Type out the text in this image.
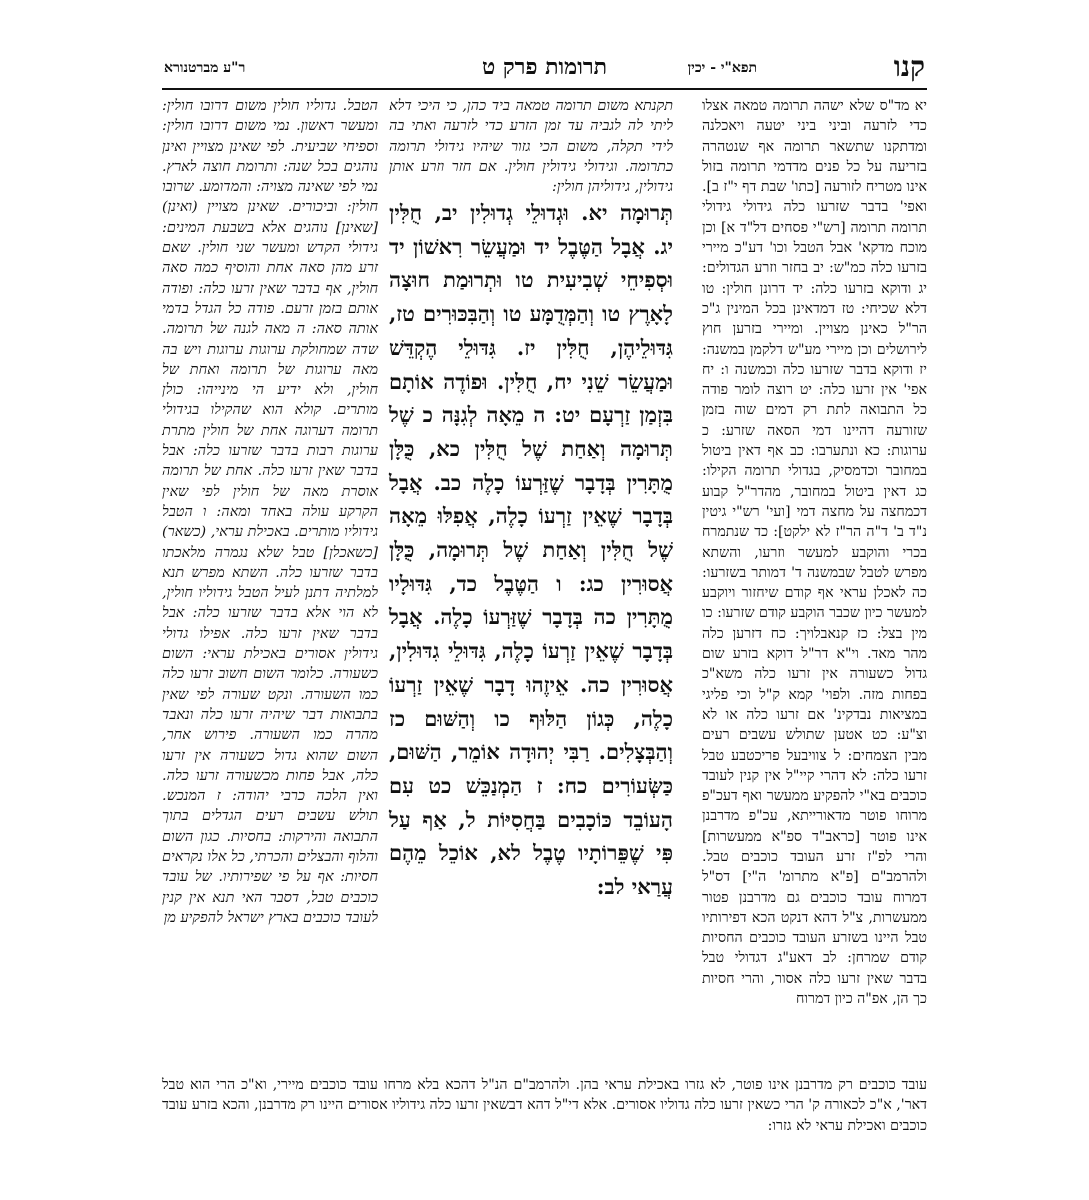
קנו
תפא"י - יכין
תרומות פרק ט
ר"ע מברטנורא

יא מד"ס שלא ישהה תרומה טמאה אצלו כדי לזרעה וביני ביני יטעה ויאכלנה ומדתקנו שתשאר תרומה אף שנטהרה בזריעה על כל פנים מדדמי תרומה בזול אינו מטריח לזורעה [כתו' שבת דף י"ז ב]. ואפי' בדבר שזרעו כלה גידולי גידולי תרומה תרומה [רש"י פסחים דל"ד א] וכן מוכח מדקא' אבל הטבל וכו' דע"כ מיירי בזרעו כלה כמ"ש: יב בחזר וזרע הגדולים: יג ודוקא בזרעו כלה: יד דרונן חולין: טו דלא שכיחי: טז דמדאינן בכל המינין ג"כ הר"ל כאינן מצויין. ומיירי בזרען חוץ לירושלים וכן מיירי מע"ש דלקמן במשנה: יז ודוקא בדבר שזרעו כלה וכמשנה ו: יח אפי' אין זרעו כלה: יט רוצה לומר פודה כל התבואה לתת רק דמים שוה בזמן שזורעה דהיינו דמי הסאה שזרע: כ ערוגות: כא ונתערבו: כב אף דאין ביטול במחובר וכדמסיק, בגדולי תרומה הקילו: כג דאין ביטול במחובר, מהדר"ל קבוע דכמחצה על מחצה דמי [ועי' רש"י גיטין נ"ד ב' ד"ה הר"ז לא ילקט]: כד שנתמרח בכרי והוקבע למעשר וזרעו, והשתא מפרש לטבל שבמשנה ד' דמותר בשזרעו: כה לאכלן עראי אף קודם שיחזור ויוקבע למעשר כיון שכבר הוקבע קודם שזרעו: כו מין בצל: כז קנאבלויך: כח דזרען כלה מהר מאד. וי"א דר"ל דוקא בזרע שום גדול כשעורה אין זרעו כלה משא"כ בפחות מזה. ולפוי' קמא ק"ל וכי פליגי במציאות נבדקינ' אם זרעו כלה או לא וצ"ע: כט אטען שתולש עשבים רעים מבין הצמחים: ל צוויבעל פריכטבע טבל זרעו כלה: לא דהרי קיי"ל אין קנין לעובד כוכבים בא"י להפקיע ממעשר ואף דעכ"פ מרוחו פוטר מדאורייתא, עכ"פ מדרבנן אינו פוטר [כראב"ד ספ"א ממעשרות] והרי לפ"ז זרע העובד כוכבים טבל. ולהרמב"ם [פ"א מתרומ' ה"י] דס"ל דמרוח עובד כוכבים גם מדרבנן פטור ממעשרות, צ"ל דהא דנקט הכא דפירותיו טבל היינו בשזרע העובד כוכבים החסיות קודם שמרחן: לב דאע"ג דגדולי טבל בדבר שאין זרעו כלה אסור, והרי חסיות כך הן, אפ"ה כיון דמרוח

תקנתא משום תרומה טמאה ביד כהן, כי היכי דלא ליתי לה לגביה עד זמן הזרע כדי לזרעה ואתי בה לידי תקלה, משום הכי גזור שיהיו גידולי תרומה כתרומה. וגידולי גידולין חולין. אם חזר וזרע אותן גידולין, גידוליהן חולין:

תְּרוּמָה יא. וּגְדוּלֵי גְדוּלִין יב, חֻלִּין יג. אֲבָל הַטֶּבֶל יד וּמַעֲשֵׂר רִאשׁוֹן יד וּסְפִיחֵי שְׁבִיעִית טו וּתְרוּמַת חוּצָה לָאָרֶץ טו וְהַמְּדֻמָּע טו וְהַבִּכּוּרִים טז, גִּדּוּלֵיהֶן, חֻלִּין יז. גִּדּוּלֵי הֶקְדֵּשׁ וּמַעֲשֵׂר שֵׁנִי יח, חֻלִּין. וּפוֹדֶה אוֹתָם בִּזְמַן זַרְעָם יט: ה מֵאָה לְגִנָּה כ שֶׁל תְּרוּמָה וְאַחַת שֶׁל חֻלִּין כא, כֻּלָּן מֻתָּרִין בְּדָבָר שֶׁזַּרְעוֹ כָלֶה כב. אֲבָל בְּדָבָר שֶׁאֵין זַרְעוֹ כָלֶה, אֲפִלּוּ מֵאָה שֶׁל חֻלִּין וְאַחַת שֶׁל תְּרוּמָה, כֻּלָּן אֲסוּרִין כג: ו הַטֶּבֶל כד, גִּדּוּלָיו מֻתָּרִין כה בְּדָבָר שֶׁזַּרְעוֹ כָלֶה. אֲבָל בְּדָבָר שֶׁאֵין זַרְעוֹ כָלֶה, גִּדּוּלֵי גִדּוּלִין, אֲסוּרִין כה. אֵיזֶהוּ דָבָר שֶׁאֵין זַרְעוֹ כָלֶה, כְּגוֹן הַלּוּף כו וְהַשּׁוּם כז וְהַבְּצָלִים. רַבִּי יְהוּדָה אוֹמֵר, הַשּׁוּם, כַּשְּׂעוֹרִים כח: ז הַמְנַכֵּשׁ כט עִם הָעוֹבֵד כּוֹכָבִים בַּחֲסִיּוֹת ל, אַף עַל פִּי שֶׁפֵּרוֹתָיו טֶבֶל לא, אוֹכֵל מֵהֶם עֲרַאי לב:

הטבל. גדוליו חולין משום דרובו חולין: ומעשר ראשון. נמי משום דרובו חולין: וספיחי שביעית. לפי שאינן מצויין ואינן נוהגים בכל שנה: ותרומת חוצה לארץ. נמי לפי שאינה מצויה: והמדומע. שרובו חולין: וביכורים. שאינן מצויין (ואינן) [שאינן] נוהגים אלא בשבעת המינים: גידולי הקדש ומעשר שני חולין. שאם זרע מהן סאה אחת והוסיף כמה סאה חולין, אף בדבר שאין זרעו כלה: ופודה אותם בזמן זרעם. פודה כל הגדל בדמי אותה סאה: ה מאה לגנה של תרומה. שדה שמחולקת ערוגות ערוגות ויש בה מאה ערוגות של תרומה ואחת של חולין, ולא ידיע הי מינייהו: כולן מותרים. קולא הוא שהקילו בגידולי תרומה דערוגה אחת של חולין מתרת ערוגות רבות בדבר שזרעו כלה: אבל בדבר שאין זרעו כלה. אחת של תרומה אוסרת מאה של חולין לפי שאין הקרקע עולה באחד ומאה: ו הטבל גידוליו מותרים. באכילת עראי, (כשאר) [כשאכלן] טבל שלא נגמרה מלאכתו בדבר שזרעו כלה. השתא מפרש תנא למלתיה דתנן לעיל הטבל גידוליו חולין, לא הוי אלא בדבר שזרעו כלה: אבל בדבר שאין זרעו כלה. אפילו גדולי גידולין אסורים באכילת עראי: השום כשעורה. כלומר השום חשוב זרעו כלה כמו השעורה. ונקט שעורה לפי שאין בתבואות דבר שיהיה זרעו כלה ונאבד מהרה כמו השעורה. פירוש אחר, השום שהוא גדול כשעורה אין זרעו כלה, אבל פחות מכשעורה זרעו כלה. ואין הלכה כרבי יהודה: ז המנכש. תולש עשבים רעים הגדלים בתוך התבואה והירקות: בחסיות. כגון השום והלוף והבצלים והכרתי, כל אלו נקראים חסיות: אף על פי שפירותיו. של עובד כוכבים טבל, דסבר האי תנא אין קנין לעובד כוכבים בארץ ישראל להפקיע מן

עובד כוכבים רק מדרבנן אינו פוטר, לא גזרו באכילת עראי בהן. ולהרמב"ם הנ"ל דהכא בלא מרחו עובד כוכבים מיירי, וא"כ הרי הוא טבל דאר', א"כ לכאורה ק' הרי כשאין זרעו כלה גדוליו אסורים. אלא די"ל דהא דבשאין זרעו כלה גידוליו אסורים היינו רק מדרבנן, והכא בזרע עובד כוכבים ואכילת עראי לא גזרו:
